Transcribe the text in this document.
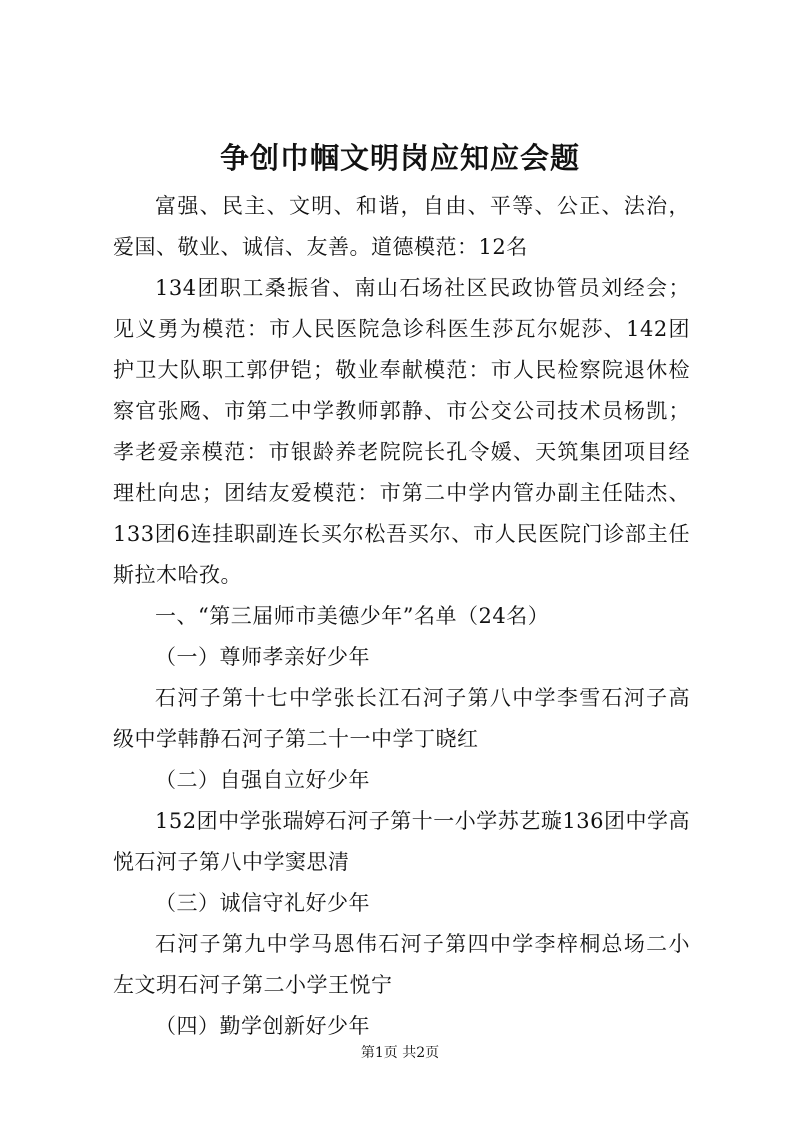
争创巾帼文明岗应知应会题

富强、民主、文明、和谐，自由、平等、公正、法治，爱国、敬业、诚信、友善。道德模范：12名

134团职工桑振省、南山石场社区民政协管员刘经会；见义勇为模范：市人民医院急诊科医生莎瓦尔妮莎、142团护卫大队职工郭伊铠；敬业奉献模范：市人民检察院退休检察官张飏、市第二中学教师郭静、市公交公司技术员杨凯；孝老爱亲模范：市银龄养老院院长孔令媛、天筑集团项目经理杜向忠；团结友爱模范：市第二中学内管办副主任陆杰、133团6连挂职副连长买尔松吾买尔、市人民医院门诊部主任斯拉木哈孜。

一、“第三届师市美德少年”名单（24名）

（一）尊师孝亲好少年

石河子第十七中学张长江石河子第八中学李雪石河子高级中学韩静石河子第二十一中学丁晓红

（二）自强自立好少年

152团中学张瑞婷石河子第十一小学苏艺璇136团中学高悦石河子第八中学窦思清

（三）诚信守礼好少年

石河子第九中学马恩伟石河子第四中学李梓桐总场二小左文玥石河子第二小学王悦宁

（四）勤学创新好少年

第1页 共2页
